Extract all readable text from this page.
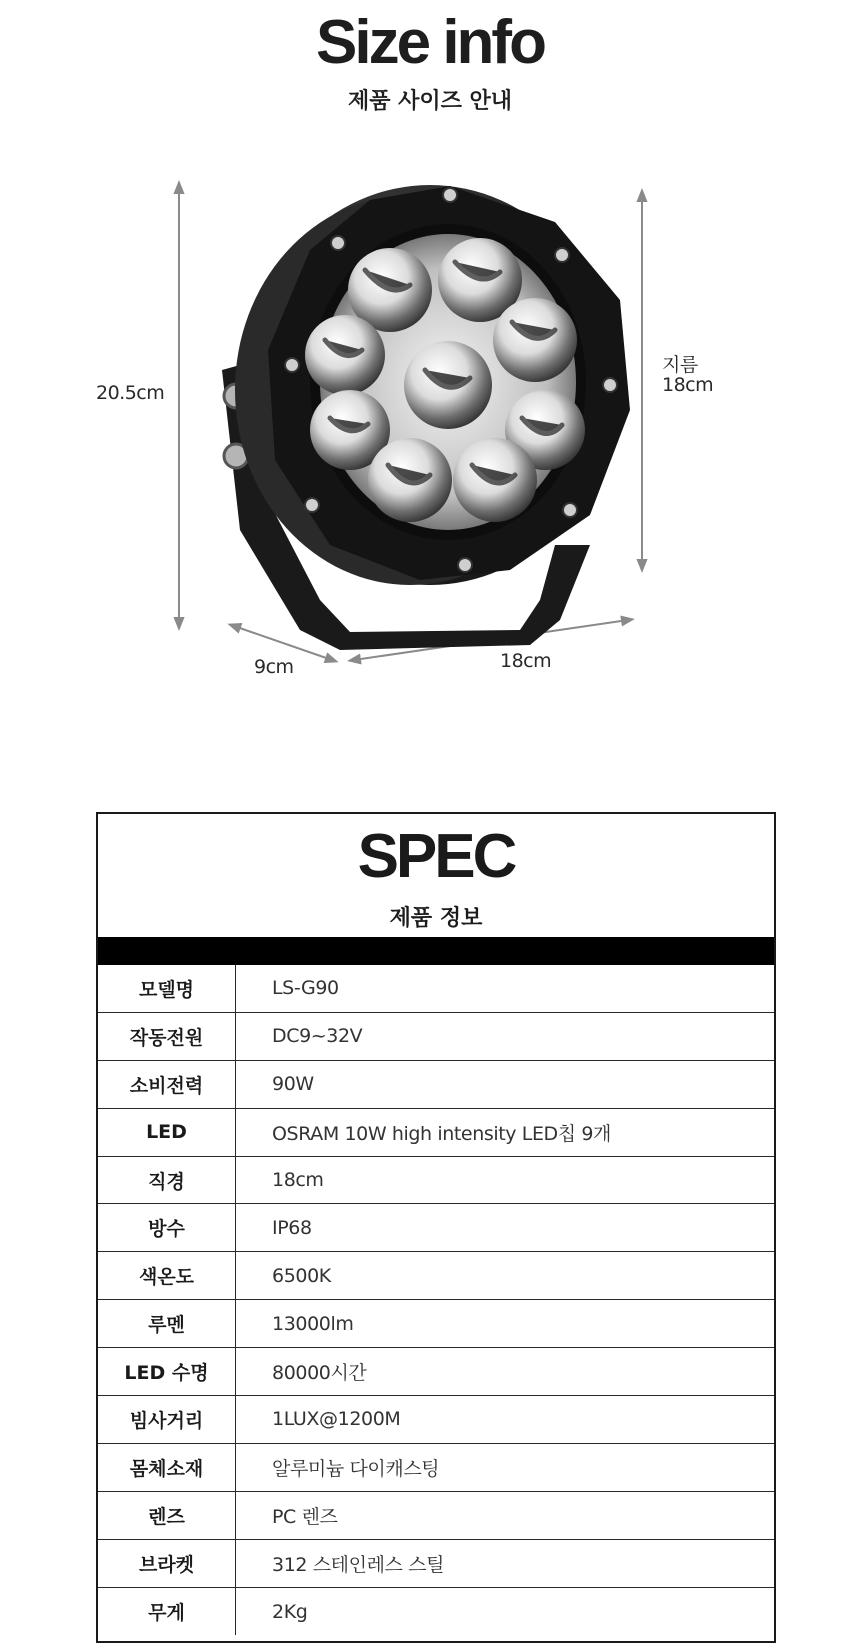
Size info
제품 사이즈 안내
20.5cm
지름
18cm
9cm	18cm
SPEC
제품 정보
모델명	LS-G90
작동전원	DC9~32V
소비전력	90W
LED	OSRAM 10W high intensity LED칩 9개
직경	18cm
방수	IP68
색온도	6500K
루멘	13000lm
LED 수명	80000시간
빔사거리	1LUX@1200M
몸체소재	알루미늄 다이캐스팅
렌즈	PC 렌즈
브라켓	312 스테인레스 스틸
무게	2Kg
